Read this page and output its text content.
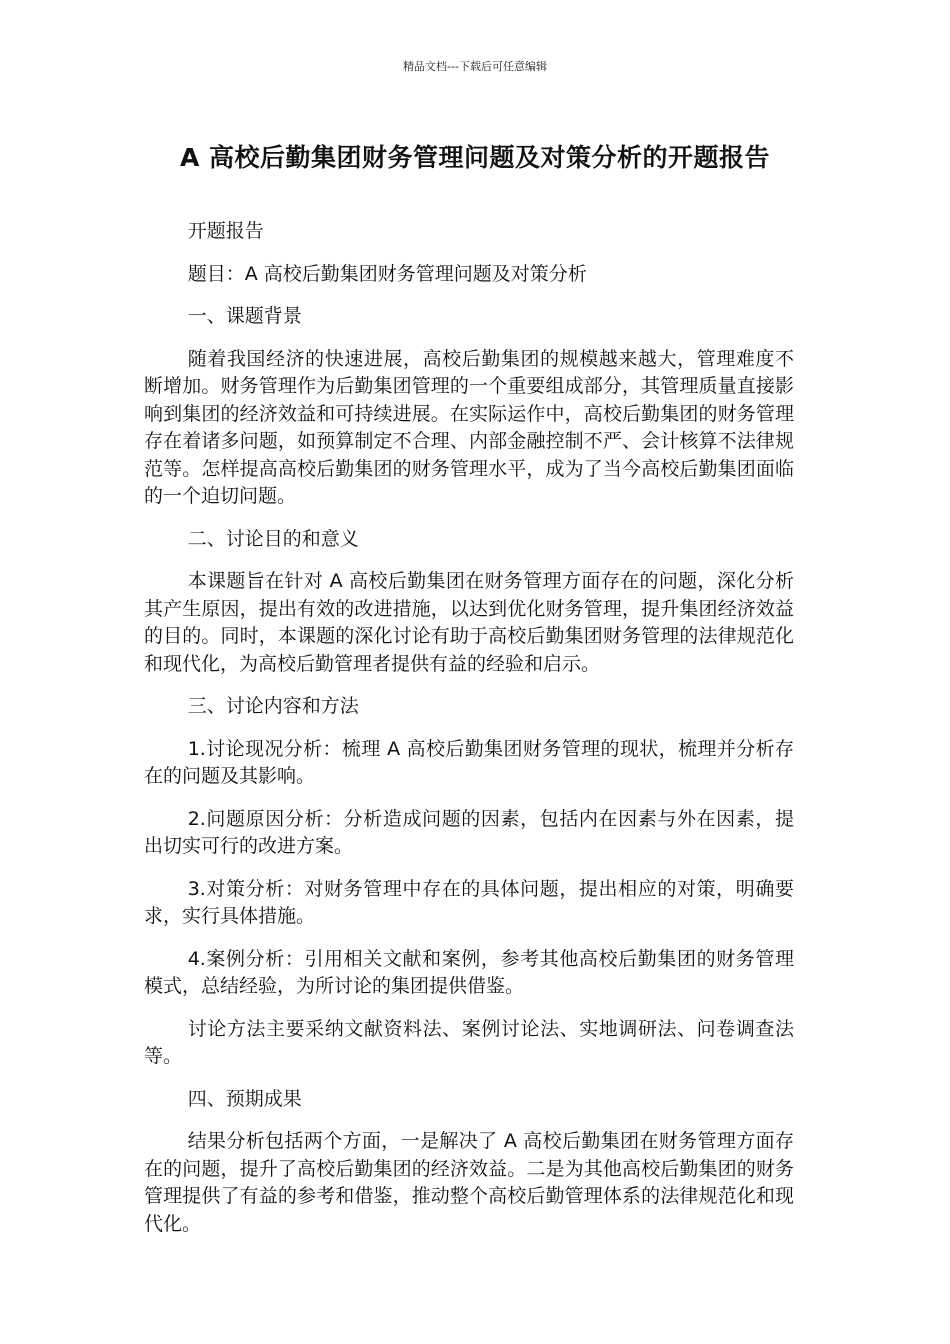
精品文档---下载后可任意编辑
A 高校后勤集团财务管理问题及对策分析的开题报告

开题报告

题目：A 高校后勤集团财务管理问题及对策分析

一、课题背景

随着我国经济的快速进展，高校后勤集团的规模越来越大，管理难度不断增加。财务管理作为后勤集团管理的一个重要组成部分，其管理质量直接影响到集团的经济效益和可持续进展。在实际运作中，高校后勤集团的财务管理存在着诸多问题，如预算制定不合理、内部金融控制不严、会计核算不法律规范等。怎样提高高校后勤集团的财务管理水平，成为了当今高校后勤集团面临的一个迫切问题。

二、讨论目的和意义

本课题旨在针对 A 高校后勤集团在财务管理方面存在的问题，深化分析其产生原因，提出有效的改进措施，以达到优化财务管理，提升集团经济效益的目的。同时，本课题的深化讨论有助于高校后勤集团财务管理的法律规范化和现代化，为高校后勤管理者提供有益的经验和启示。

三、讨论内容和方法

1.讨论现况分析：梳理 A 高校后勤集团财务管理的现状，梳理并分析存在的问题及其影响。

2.问题原因分析：分析造成问题的因素，包括内在因素与外在因素，提出切实可行的改进方案。

3.对策分析：对财务管理中存在的具体问题，提出相应的对策，明确要求，实行具体措施。

4.案例分析：引用相关文献和案例，参考其他高校后勤集团的财务管理模式，总结经验，为所讨论的集团提供借鉴。

讨论方法主要采纳文献资料法、案例讨论法、实地调研法、问卷调查法等。

四、预期成果

结果分析包括两个方面，一是解决了 A 高校后勤集团在财务管理方面存在的问题，提升了高校后勤集团的经济效益。二是为其他高校后勤集团的财务管理提供了有益的参考和借鉴，推动整个高校后勤管理体系的法律规范化和现代化。
